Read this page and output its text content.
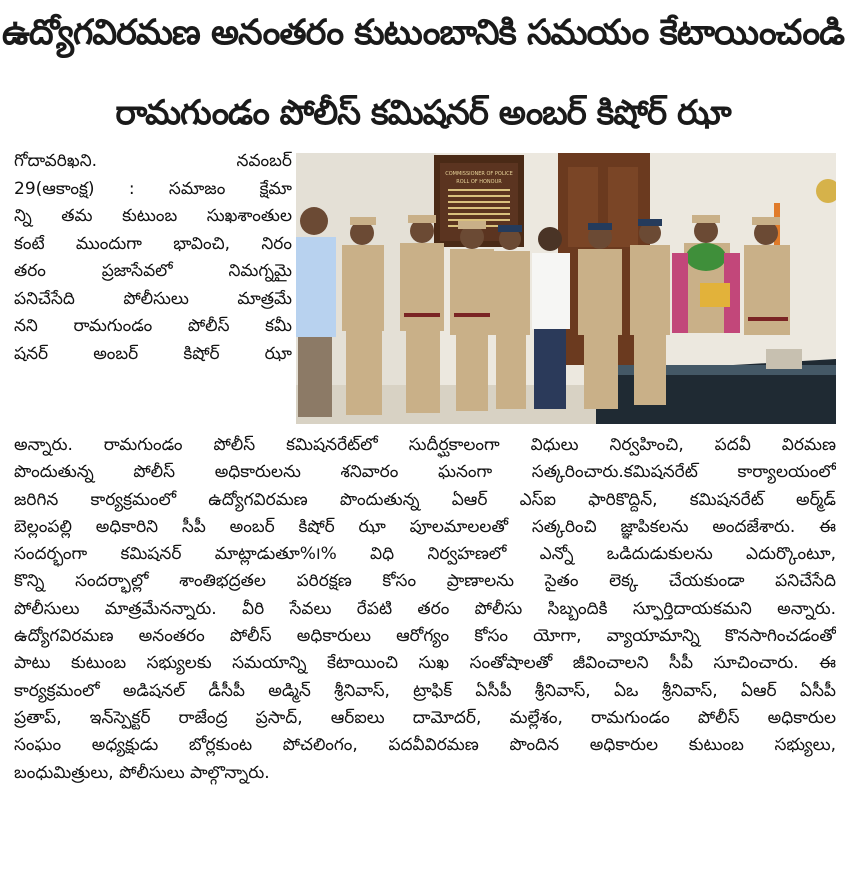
ఉద్యోగవిరమణ అనంతరం కుటుంబానికి సమయం కేటాయించండి
రామగుండం పోలీస్ కమిషనర్ అంబర్ కిషోర్ ఝా
గోదావరిఖని. నవంబర్
29(ఆకాంక్ష) : సమాజం క్షేమా
న్ని తమ కుటుంబ సుఖశాంతుల
కంటే ముందుగా భావించి, నిరం
తరం ప్రజాసేవలో నిమగ్నమై
పనిచేసేది పోలీసులు మాత్రమే
నని రామగుండం పోలీస్ కమీ
షనర్ అంబర్ కిషోర్ ఝా
COMMISSIONER OF POLICE
ROLL OF HONOUR
అన్నారు. రామగుండం పోలీస్ కమిషనరేట్‌లో సుదీర్ఘకాలంగా విధులు నిర్వహించి, పదవీ విరమణ
పొందుతున్న పోలీస్ అధికారులను శనివారం ఘనంగా సత్కరించారు.కమిషనరేట్ కార్యాలయంలో
జరిగిన కార్యక్రమంలో ఉద్యోగవిరమణ పొందుతున్న ఏఆర్ ఎస్ఐ ఫారికొద్దిన్, కమిషనరేట్ అర్మ్‌డ్
బెల్లంపల్లి అధికారిని సీపీ అంబర్ కిషోర్ ఝా పూలమాలలతో సత్కరించి జ్ఞాపికలను అందజేశారు. ఈ
సందర్భంగా కమిషనర్ మాట్లాడుతూ%౹% విధి నిర్వహణలో ఎన్నో ఒడిదుడుకులను ఎదుర్కొంటూ,
కొన్ని సందర్భాల్లో శాంతిభద్రతల పరిరక్షణ కోసం ప్రాణాలను సైతం లెక్క చేయకుండా పనిచేసేది
పోలీసులు మాత్రమేనన్నారు. వీరి సేవలు రేపటి తరం పోలీసు సిబ్బందికి స్ఫూర్తిదాయకమని అన్నారు.
ఉద్యోగవిరమణ అనంతరం పోలీస్ అధికారులు ఆరోగ్యం కోసం యోగా, వ్యాయామాన్ని కొనసాగించడంతో
పాటు కుటుంబ సభ్యులకు సమయాన్ని కేటాయించి సుఖ సంతోషాలతో జీవించాలని సీపీ సూచించారు. ఈ
కార్యక్రమంలో అడిషనల్ డీసీపీ అడ్మిన్ శ్రీనివాస్, ట్రాఫిక్ ఏసీపీ శ్రీనివాస్, ఏఒ శ్రీనివాస్, ఏఆర్ ఏసీపీ
ప్రతాప్, ఇన్‌స్పెక్టర్ రాజేంద్ర ప్రసాద్, ఆర్ఐలు దామోదర్, మల్లేశం, రామగుండం పోలీస్ అధికారుల
సంఘం అధ్యక్షుడు బోర్లకుంట పోచలింగం, పదవీవిరమణ పొందిన అధికారుల కుటుంబ సభ్యులు,
బంధుమిత్రులు, పోలీసులు పాల్గొన్నారు.
